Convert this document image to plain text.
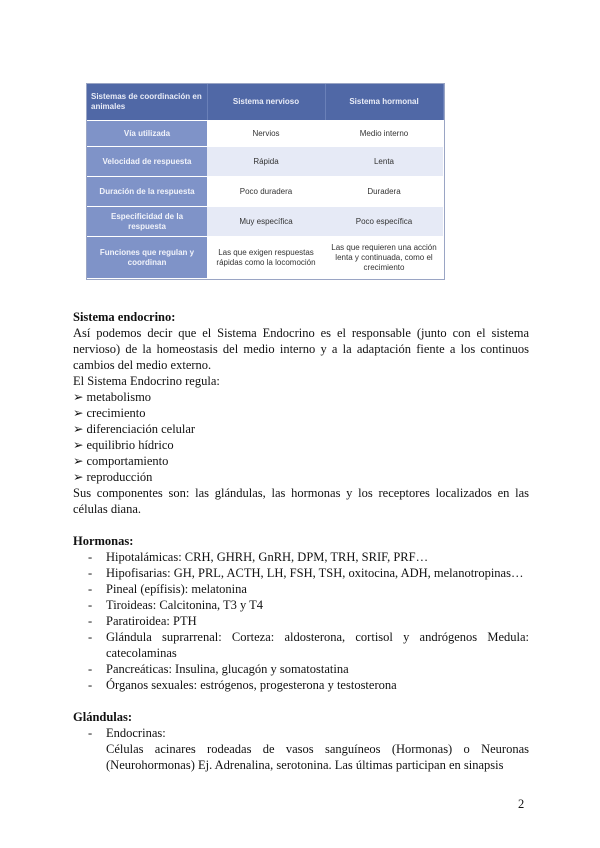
Sistemas de coordinación en animales	Sistema nervioso	Sistema hormonal
Vía utilizada	Nervios	Medio interno
Velocidad de respuesta	Rápida	Lenta
Duración de la respuesta	Poco duradera	Duradera
Especificidad de la respuesta	Muy específica	Poco específica
Funciones que regulan y coordinan	Las que exigen respuestas rápidas como la locomoción	Las que requieren una acción lenta y continuada, como el crecimiento

Sistema endocrino:

Así podemos decir que el Sistema Endocrino es el responsable (junto con el sistema nervioso) de la homeostasis del medio interno y a la adaptación fiente a los continuos cambios del medio externo.

El Sistema Endocrino regula:

➢ metabolismo
➢ crecimiento
➢ diferenciación celular
➢ equilibrio hídrico
➢ comportamiento
➢ reproducción

Sus componentes son: las glándulas, las hormonas y los receptores localizados en las células diana.

Hormonas:

- Hipotalámicas: CRH, GHRH, GnRH, DPM, TRH, SRIF, PRF…
- Hipofisarias: GH, PRL, ACTH, LH, FSH, TSH, oxitocina, ADH, melanotropinas…
- Pineal (epífisis): melatonina
- Tiroideas: Calcitonina, T3 y T4
- Paratiroidea: PTH
- Glándula suprarrenal: Corteza: aldosterona, cortisol y andrógenos Medula: catecolaminas
- Pancreáticas: Insulina, glucagón y somatostatina
- Órganos sexuales: estrógenos, progesterona y testosterona

Glándulas:

- Endocrinas:

Células acinares rodeadas de vasos sanguíneos (Hormonas) o Neuronas (Neurohormonas) Ej. Adrenalina, serotonina. Las últimas participan en sinapsis

2
